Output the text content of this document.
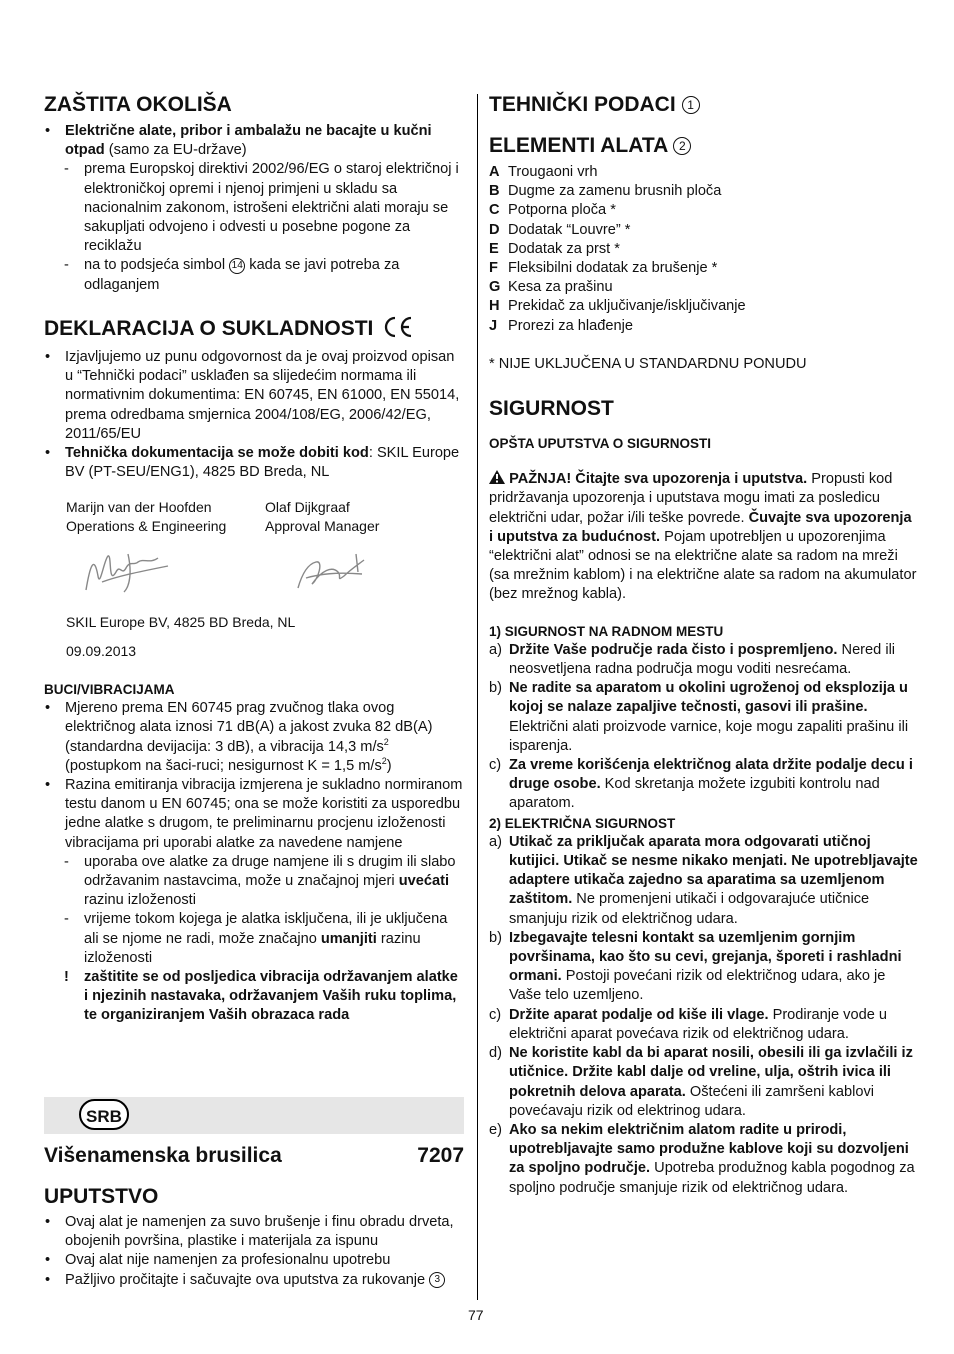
ZAŠTITA OKOLIŠA
• Električne alate, pribor i ambalažu ne bacajte u kučni otpad (samo za EU-države)
- prema Europskoj direktivi 2002/96/EG o staroj električnoj i elektroničkoj opremi i njenoj primjeni u skladu sa nacionalnim zakonom, istrošeni električni alati moraju se sakupljati odvojeno i odvesti u posebne pogone za reciklažu
- na to podsjeća simbol 14 kada se javi potreba za odlaganjem
DEKLARACIJA O SUKLADNOSTI
• Izjavljujemo uz punu odgovornost da je ovaj proizvod opisan u “Tehnički podaci” usklađen sa slijedećim normama ili normativnim dokumentima: EN 60745, EN 61000, EN 55014, prema odredbama smjernica 2004/108/EG, 2006/42/EG, 2011/65/EU
• Tehnička dokumentacija se može dobiti kod: SKIL Europe BV (PT-SEU/ENG1), 4825 BD Breda, NL
Marijn van der Hoofden
Operations & Engineering
Olaf Dijkgraaf
Approval Manager
SKIL Europe BV, 4825 BD Breda, NL
09.09.2013
BUCI/VIBRACIJAMA
• Mjereno prema EN 60745 prag zvučnog tlaka ovog električnog alata iznosi 71 dB(A) a jakost zvuka 82 dB(A) (standardna devijacija: 3 dB), a vibracija 14,3 $m/s^2$ (postupkom na šaci-ruci; nesigurnost K = 1,5 $m/s^2$)
• Razina emitiranja vibracija izmjerena je sukladno normiranom testu danom u EN 60745; ona se može koristiti za usporedbu jedne alatke s drugom, te preliminarnu procjenu izloženosti vibracijama pri uporabi alatke za navedene namjene
- uporaba ove alatke za druge namjene ili s drugim ili slabo održavanim nastavcima, može u značajnoj mjeri uvećati razinu izloženosti
- vrijeme tokom kojega je alatka isključena, ili je uključena ali se njome ne radi, može značajno umanjiti razinu izloženosti
! zaštitite se od posljedica vibracija održavanjem alatke i njezinih nastavaka, održavanjem Vaših ruku toplima, te organiziranjem Vaših obrazaca rada
SRB
Višenamenska brusilica	7207
UPUTSTVO
• Ovaj alat je namenjen za suvo brušenje i finu obradu drveta, obojenih površina, plastike i materijala za ispunu
• Ovaj alat nije namenjen za profesionalnu upotrebu
• Pažljivo pročitajte i sačuvajte ova uputstva za rukovanje 3
TEHNIČKI PODACI 1
ELEMENTI ALATA 2
A Trougaoni vrh
B Dugme za zamenu brusnih ploča
C Potporna ploča *
D Dodatak “Louvre” *
E Dodatak za prst *
F Fleksibilni dodatak za brušenje *
G Kesa za prašinu
H Prekidač za uključivanje/isključivanje
J Prorezi za hlađenje
* NIJE UKLJUČENA U STANDARDNU PONUDU
SIGURNOST
OPŠTA UPUTSTVA O SIGURNOSTI

PAŽNJA! Čitajte sva upozorenja i uputstva. Propusti kod pridržavanja upozorenja i uputstava mogu imati za posledicu električni udar, požar i/ili teške povrede. Čuvajte sva upozorenja i uputstva za budućnost. Pojam upotrebljen u upozorenjima “električni alat” odnosi se na električne alate sa radom na mreži (sa mrežnim kablom) i na električne alate sa radom na akumulator (bez mrežnog kabla).

1) SIGURNOST NA RADNOM MESTU
a) Držite Vaše područje rada čisto i pospremljeno. Nered ili neosvetljena radna područja mogu voditi nesrećama.
b) Ne radite sa aparatom u okolini ugroženoj od eksplozija u kojoj se nalaze zapaljive tečnosti, gasovi ili prašine. Električni alati proizvode varnice, koje mogu zapaliti prašinu ili isparenja.
c) Za vreme korišćenja električnog alata držite podalje decu i druge osobe. Kod skretanja možete izgubiti kontrolu nad aparatom.
2) ELEKTRIČNA SIGURNOST
a) Utikač za priključak aparata mora odgovarati utičnoj kutijici. Utikač se nesme nikako menjati. Ne upotrebljavajte adaptere utikača zajedno sa aparatima sa uzemljenom zaštitom. Ne promenjeni utikači i odgovarajuće utičnice smanjuju rizik od električnog udara.
b) Izbegavajte telesni kontakt sa uzemljenim gornjim površinama, kao što su cevi, grejanja, šporeti i rashladni ormani. Postoji povećani rizik od električnog udara, ako je Vaše telo uzemljeno.
c) Držite aparat podalje od kiše ili vlage. Prodiranje vode u električni aparat povećava rizik od električnog udara.
d) Ne koristite kabl da bi aparat nosili, obesili ili ga izvlačili iz utičnice. Držite kabl dalje od vreline, ulja, oštrih ivica ili pokretnih delova aparata. Oštećeni ili zamršeni kablovi povećavaju rizik od elektrinog udara.
e) Ako sa nekim električnim alatom radite u prirodi, upotrebljavajte samo produžne kablove koji su dozvoljeni za spoljno područje. Upotreba produžnog kabla pogodnog za spoljno područje smanjuje rizik od električnog udara.
77
